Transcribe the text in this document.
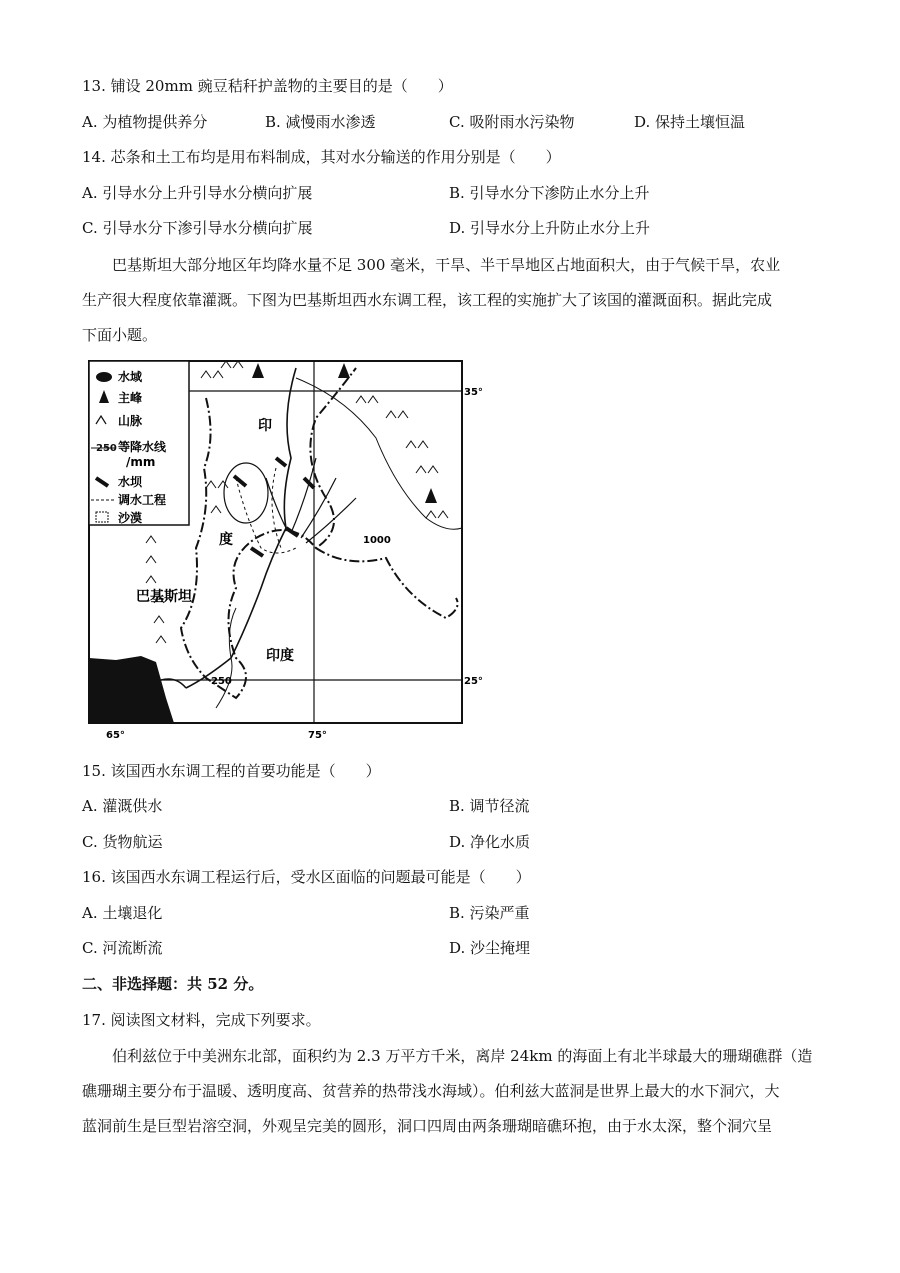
13. 铺设 20mm 豌豆秸秆护盖物的主要目的是（　　）
A. 为植物提供养分	B. 减慢雨水渗透	C. 吸附雨水污染物	D. 保持土壤恒温
14. 芯条和土工布均是用布料制成，其对水分输送的作用分别是（　　）
A. 引导水分上升引导水分横向扩展	B. 引导水分下渗防止水分上升
C. 引导水分下渗引导水分横向扩展	D. 引导水分上升防止水分上升
巴基斯坦大部分地区年均降水量不足 300 毫米，干旱、半干旱地区占地面积大，由于气候干旱，农业
生产很大程度依靠灌溉。下图为巴基斯坦西水东调工程，该工程的实施扩大了该国的灌溉面积。据此完成
下面小题。
水域
主峰
山脉
250 等降水线
/mm
水坝
调水工程
沙漠
印
度
巴基斯坦
印度
1000
250
35°
25°
65°	75°
15. 该国西水东调工程的首要功能是（　　）
A. 灌溉供水	B. 调节径流
C. 货物航运	D. 净化水质
16. 该国西水东调工程运行后，受水区面临的问题最可能是（　　）
A. 土壤退化	B. 污染严重
C. 河流断流	D. 沙尘掩埋
二、非选择题：共 52 分。
17. 阅读图文材料，完成下列要求。
伯利兹位于中美洲东北部，面积约为 2.3 万平方千米，离岸 24km 的海面上有北半球最大的珊瑚礁群（造
礁珊瑚主要分布于温暖、透明度高、贫营养的热带浅水海域）。伯利兹大蓝洞是世界上最大的水下洞穴，大
蓝洞前生是巨型岩溶空洞，外观呈完美的圆形，洞口四周由两条珊瑚暗礁环抱，由于水太深，整个洞穴呈
